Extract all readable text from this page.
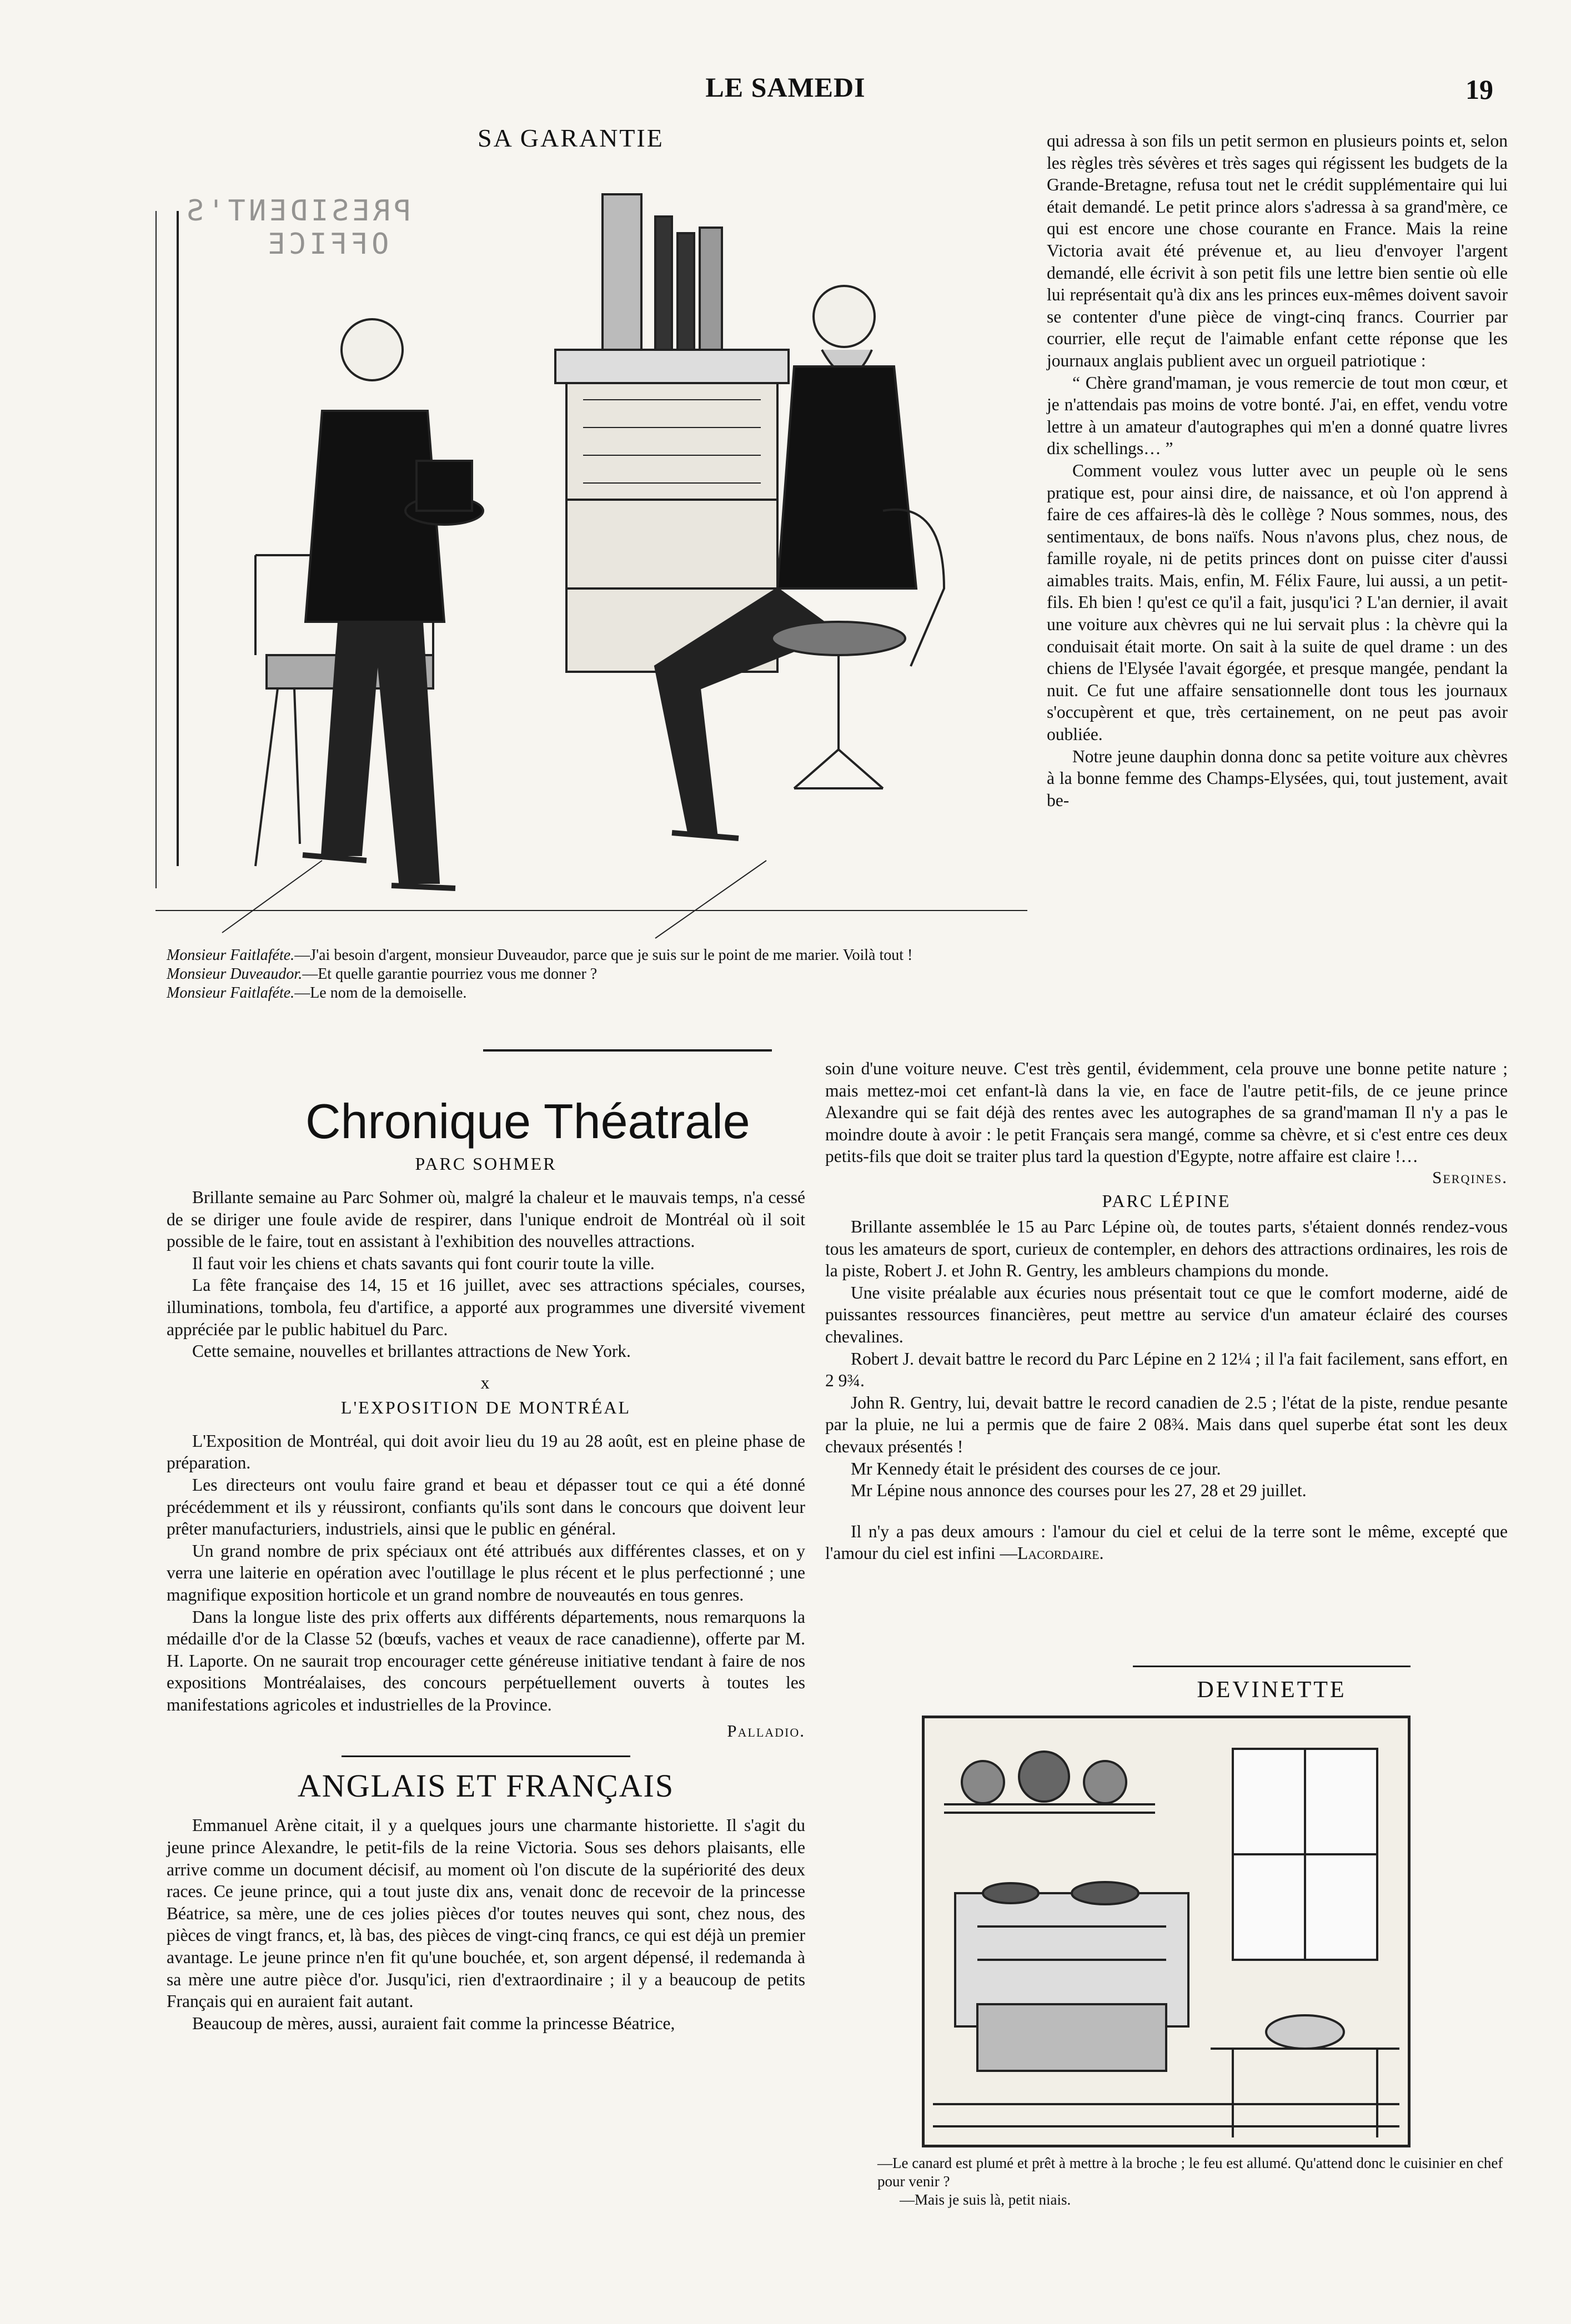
LE SAMEDI	19
SA GARANTIE
PRESIDENT'S
OFFICE
Monsieur Faitlaféte.—J'ai besoin d'argent, monsieur Duveaudor, parce que je suis sur le point de me marier. Voilà tout !
Monsieur Duveaudor.—Et quelle garantie pourriez vous me donner ?
Monsieur Faitlaféte.—Le nom de la demoiselle.

qui adressa à son fils un petit sermon en plusieurs points et, selon les règles très sévères et très sages qui régissent les budgets de la Grande-Bretagne, refusa tout net le crédit supplémentaire qui lui était demandé. Le petit prince alors s'adressa à sa grand'mère, ce qui est encore une chose courante en France. Mais la reine Victoria avait été prévenue et, au lieu d'envoyer l'argent demandé, elle écrivit à son petit fils une lettre bien sentie où elle lui représentait qu'à dix ans les princes eux-mêmes doivent savoir se contenter d'une pièce de vingt-cinq francs. Courrier par courrier, elle reçut de l'aimable enfant cette réponse que les journaux anglais publient avec un orgueil patriotique :

“ Chère grand'maman, je vous remercie de tout mon cœur, et je n'attendais pas moins de votre bonté. J'ai, en effet, vendu votre lettre à un amateur d'autographes qui m'en a donné quatre livres dix schellings… ”

Comment voulez vous lutter avec un peuple où le sens pratique est, pour ainsi dire, de naissance, et où l'on apprend à faire de ces affaires-là dès le collège ? Nous sommes, nous, des sentimentaux, de bons naïfs. Nous n'avons plus, chez nous, de famille royale, ni de petits princes dont on puisse citer d'aussi aimables traits. Mais, enfin, M. Félix Faure, lui aussi, a un petit-fils. Eh bien ! qu'est ce qu'il a fait, jusqu'ici ? L'an dernier, il avait une voiture aux chèvres qui ne lui servait plus : la chèvre qui la conduisait était morte. On sait à la suite de quel drame : un des chiens de l'Elysée l'avait égorgée, et presque mangée, pendant la nuit. Ce fut une affaire sensationnelle dont tous les journaux s'occupèrent et que, très certainement, on ne peut pas avoir oubliée.

Notre jeune dauphin donna donc sa petite voiture aux chèvres à la bonne femme des Champs-Elysées, qui, tout justement, avait be-

Chronique Théatrale
PARC SOHMER

Brillante semaine au Parc Sohmer où, malgré la chaleur et le mauvais temps, n'a cessé de se diriger une foule avide de respirer, dans l'unique endroit de Montréal où il soit possible de le faire, tout en assistant à l'exhibition des nouvelles attractions.

Il faut voir les chiens et chats savants qui font courir toute la ville.

La fête française des 14, 15 et 16 juillet, avec ses attractions spéciales, courses, illuminations, tombola, feu d'artifice, a apporté aux programmes une diversité vivement appréciée par le public habituel du Parc.

Cette semaine, nouvelles et brillantes attractions de New York.

x
L'EXPOSITION DE MONTRÉAL

L'Exposition de Montréal, qui doit avoir lieu du 19 au 28 août, est en pleine phase de préparation.

Les directeurs ont voulu faire grand et beau et dépasser tout ce qui a été donné précédemment et ils y réussiront, confiants qu'ils sont dans le concours que doivent leur prêter manufacturiers, industriels, ainsi que le public en général.

Un grand nombre de prix spéciaux ont été attribués aux différentes classes, et on y verra une laiterie en opération avec l'outillage le plus récent et le plus perfectionné ; une magnifique exposition horticole et un grand nombre de nouveautés en tous genres.

Dans la longue liste des prix offerts aux différents départements, nous remarquons la médaille d'or de la Classe 52 (bœufs, vaches et veaux de race canadienne), offerte par M. H. Laporte. On ne saurait trop encourager cette généreuse initiative tendant à faire de nos expositions Montréalaises, des concours perpétuellement ouverts à toutes les manifestations agricoles et industrielles de la Province.

Palladio.
ANGLAIS ET FRANÇAIS

Emmanuel Arène citait, il y a quelques jours une charmante historiette. Il s'agit du jeune prince Alexandre, le petit-fils de la reine Victoria. Sous ses dehors plaisants, elle arrive comme un document décisif, au moment où l'on discute de la supériorité des deux races. Ce jeune prince, qui a tout juste dix ans, venait donc de recevoir de la princesse Béatrice, sa mère, une de ces jolies pièces d'or toutes neuves qui sont, chez nous, des pièces de vingt francs, et, là bas, des pièces de vingt-cinq francs, ce qui est déjà un premier avantage. Le jeune prince n'en fit qu'une bouchée, et, son argent dépensé, il redemanda à sa mère une autre pièce d'or. Jusqu'ici, rien d'extraordinaire ; il y a beaucoup de petits Français qui en auraient fait autant.

Beaucoup de mères, aussi, auraient fait comme la princesse Béatrice,

soin d'une voiture neuve. C'est très gentil, évidemment, cela prouve une bonne petite nature ; mais mettez-moi cet enfant-là dans la vie, en face de l'autre petit-fils, de ce jeune prince Alexandre qui se fait déjà des rentes avec les autographes de sa grand'maman Il n'y a pas le moindre doute à avoir : le petit Français sera mangé, comme sa chèvre, et si c'est entre ces deux petits-fils que doit se traiter plus tard la question d'Egypte, notre affaire est claire !…

Serqines.
PARC LÉPINE

Brillante assemblée le 15 au Parc Lépine où, de toutes parts, s'étaient donnés rendez-vous tous les amateurs de sport, curieux de contempler, en dehors des attractions ordinaires, les rois de la piste, Robert J. et John R. Gentry, les ambleurs champions du monde.

Une visite préalable aux écuries nous présentait tout ce que le comfort moderne, aidé de puissantes ressources financières, peut mettre au service d'un amateur éclairé des courses chevalines.

Robert J. devait battre le record du Parc Lépine en 2 12¼ ; il l'a fait facilement, sans effort, en 2 9¾.

John R. Gentry, lui, devait battre le record canadien de 2.5 ; l'état de la piste, rendue pesante par la pluie, ne lui a permis que de faire 2 08¾. Mais dans quel superbe état sont les deux chevaux présentés !

Mr Kennedy était le président des courses de ce jour.

Mr Lépine nous annonce des courses pour les 27, 28 et 29 juillet.

Il n'y a pas deux amours : l'amour du ciel et celui de la terre sont le même, excepté que l'amour du ciel est infini —Lacordaire.

DEVINETTE
—Le canard est plumé et prêt à mettre à la broche ; le feu est allumé. Qu'attend donc le cuisinier en chef pour venir ?
—Mais je suis là, petit niais.
